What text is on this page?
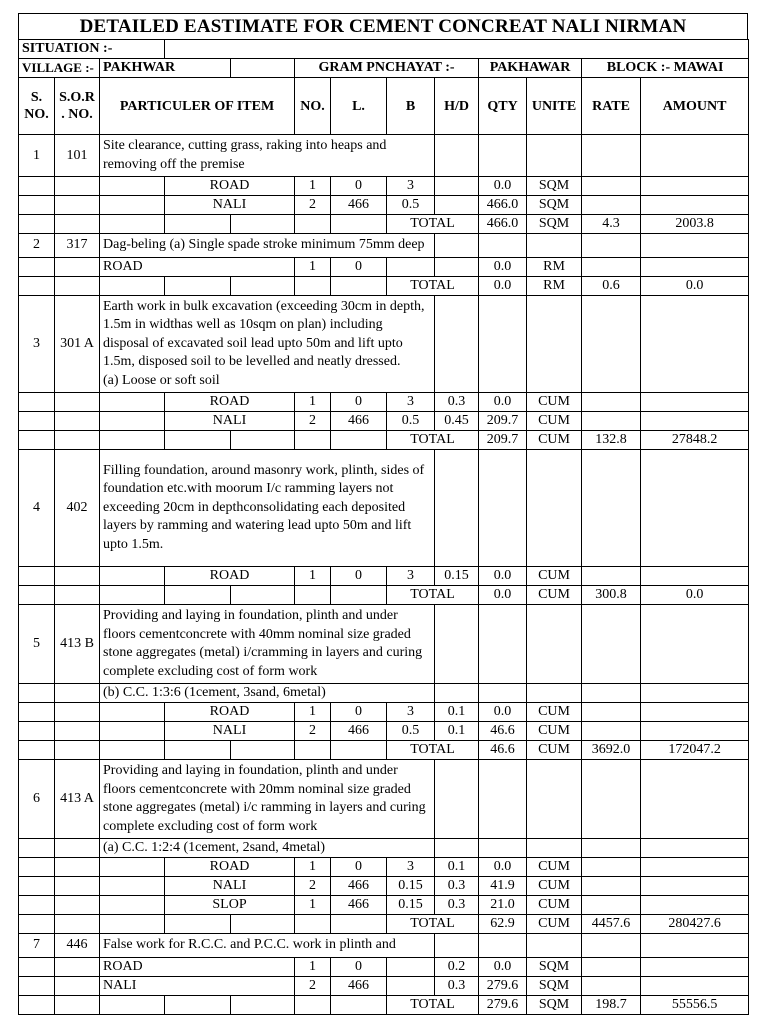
DETAILED EASTIMATE FOR CEMENT CONCREAT NALI NIRMAN
SITUATION :-												
VILLAGE :-		PAKHWAR			GRAM PNCHAYAT :-				PAKHAWAR		BLOCK :- MAWAI	
S. NO.	S.O.R . NO.	PARTICULER OF ITEM			NO.	L.	B	H/D	QTY	UNITE	RATE	AMOUNT
1	101	Site clearance, cutting grass, raking into heaps and removing off the premise										

			ROAD		1	0	3		0.0	SQM		
			NALI		2	466	0.5		466.0	SQM		
							TOTAL		466.0	SQM	4.3	2003.8
2	317	Dag-beling (a) Single spade stroke minimum 75mm deep										

		ROAD			1	0			0.0	RM		
							TOTAL		0.0	RM	0.6	0.0
3	301 A	Earth work in bulk excavation (exceeding 30cm in depth, 1.5m in widthas well as 10sqm on plan) including disposal of excavated soil lead upto 50m and lift upto 1.5m, disposed soil to be levelled and neatly dressed.
(a) Loose or soft soil										

			ROAD		1	0	3	0.3	0.0	CUM		
			NALI		2	466	0.5	0.45	209.7	CUM		
							TOTAL		209.7	CUM	132.8	27848.2
4	402	Filling foundation, around masonry work, plinth, sides of foundation etc.with moorum I/c ramming layers not exceeding 20cm in depthconsolidating each deposited layers by ramming and watering lead upto 50m and lift upto 1.5m.										

			ROAD		1	0	3	0.15	0.0	CUM		
							TOTAL		0.0	CUM	300.8	0.0
5	413 B	Providing and laying in foundation, plinth and under floors cementconcrete with 40mm nominal size graded stone aggregates (metal) i/cramming in layers and curing complete excluding cost of form work										

		(b) C.C. 1:3:6 (1cement, 3sand, 6metal)										
			ROAD		1	0	3	0.1	0.0	CUM		
			NALI		2	466	0.5	0.1	46.6	CUM		
							TOTAL		46.6	CUM	3692.0	172047.2
6	413 A	Providing and laying in foundation, plinth and under floors cementconcrete with 20mm nominal size graded stone aggregates (metal) i/c ramming in layers and curing complete excluding cost of form work										

		(a) C.C. 1:2:4 (1cement, 2sand, 4metal)										
			ROAD		1	0	3	0.1	0.0	CUM		
			NALI		2	466	0.15	0.3	41.9	CUM		
			SLOP		1	466	0.15	0.3	21.0	CUM		
							TOTAL		62.9	CUM	4457.6	280427.6
7	446	False work for R.C.C. and P.C.C. work in plinth and										

		ROAD			1	0		0.2	0.0	SQM		
		NALI			2	466		0.3	279.6	SQM		
							TOTAL		279.6	SQM	198.7	55556.5
